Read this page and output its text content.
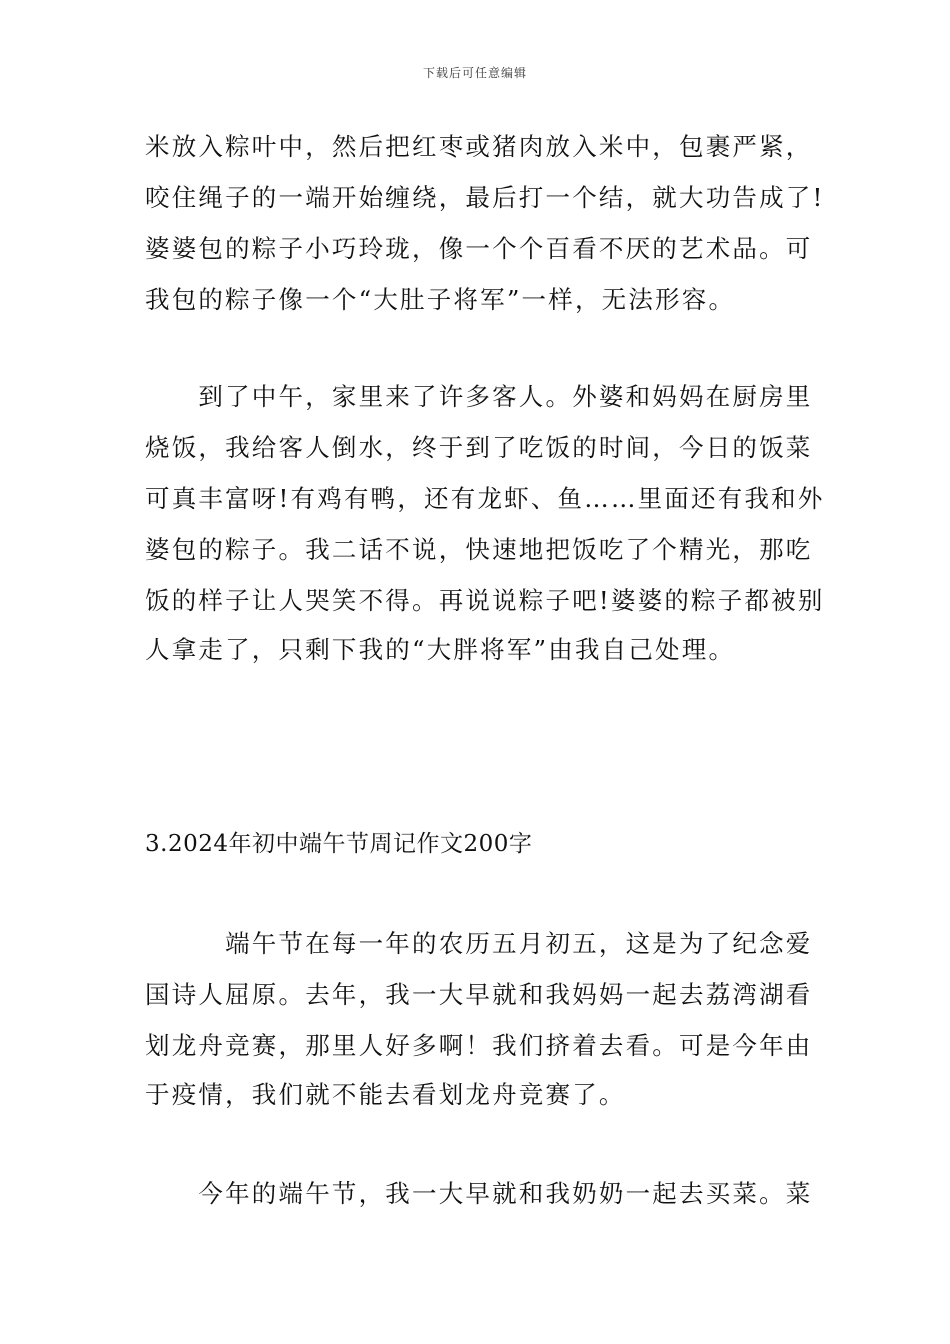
下载后可任意编辑
米放入粽叶中，然后把红枣或猪肉放入米中，包裹严紧，
咬住绳子的一端开始缠绕，最后打一个结，就大功告成了!
婆婆包的粽子小巧玲珑，像一个个百看不厌的艺术品。可
我包的粽子像一个“大肚子将军”一样，无法形容。
　　到了中午，家里来了许多客人。外婆和妈妈在厨房里
烧饭，我给客人倒水，终于到了吃饭的时间，今日的饭菜
可真丰富呀!有鸡有鸭，还有龙虾、鱼……里面还有我和外
婆包的粽子。我二话不说，快速地把饭吃了个精光，那吃
饭的样子让人哭笑不得。再说说粽子吧!婆婆的粽子都被别
人拿走了，只剩下我的“大胖将军”由我自己处理。
3.2024年初中端午节周记作文200字
　　　端午节在每一年的农历五月初五，这是为了纪念爱
国诗人屈原。去年，我一大早就和我妈妈一起去荔湾湖看
划龙舟竞赛，那里人好多啊！我们挤着去看。可是今年由
于疫情，我们就不能去看划龙舟竞赛了。
　　今年的端午节，我一大早就和我奶奶一起去买菜。菜
